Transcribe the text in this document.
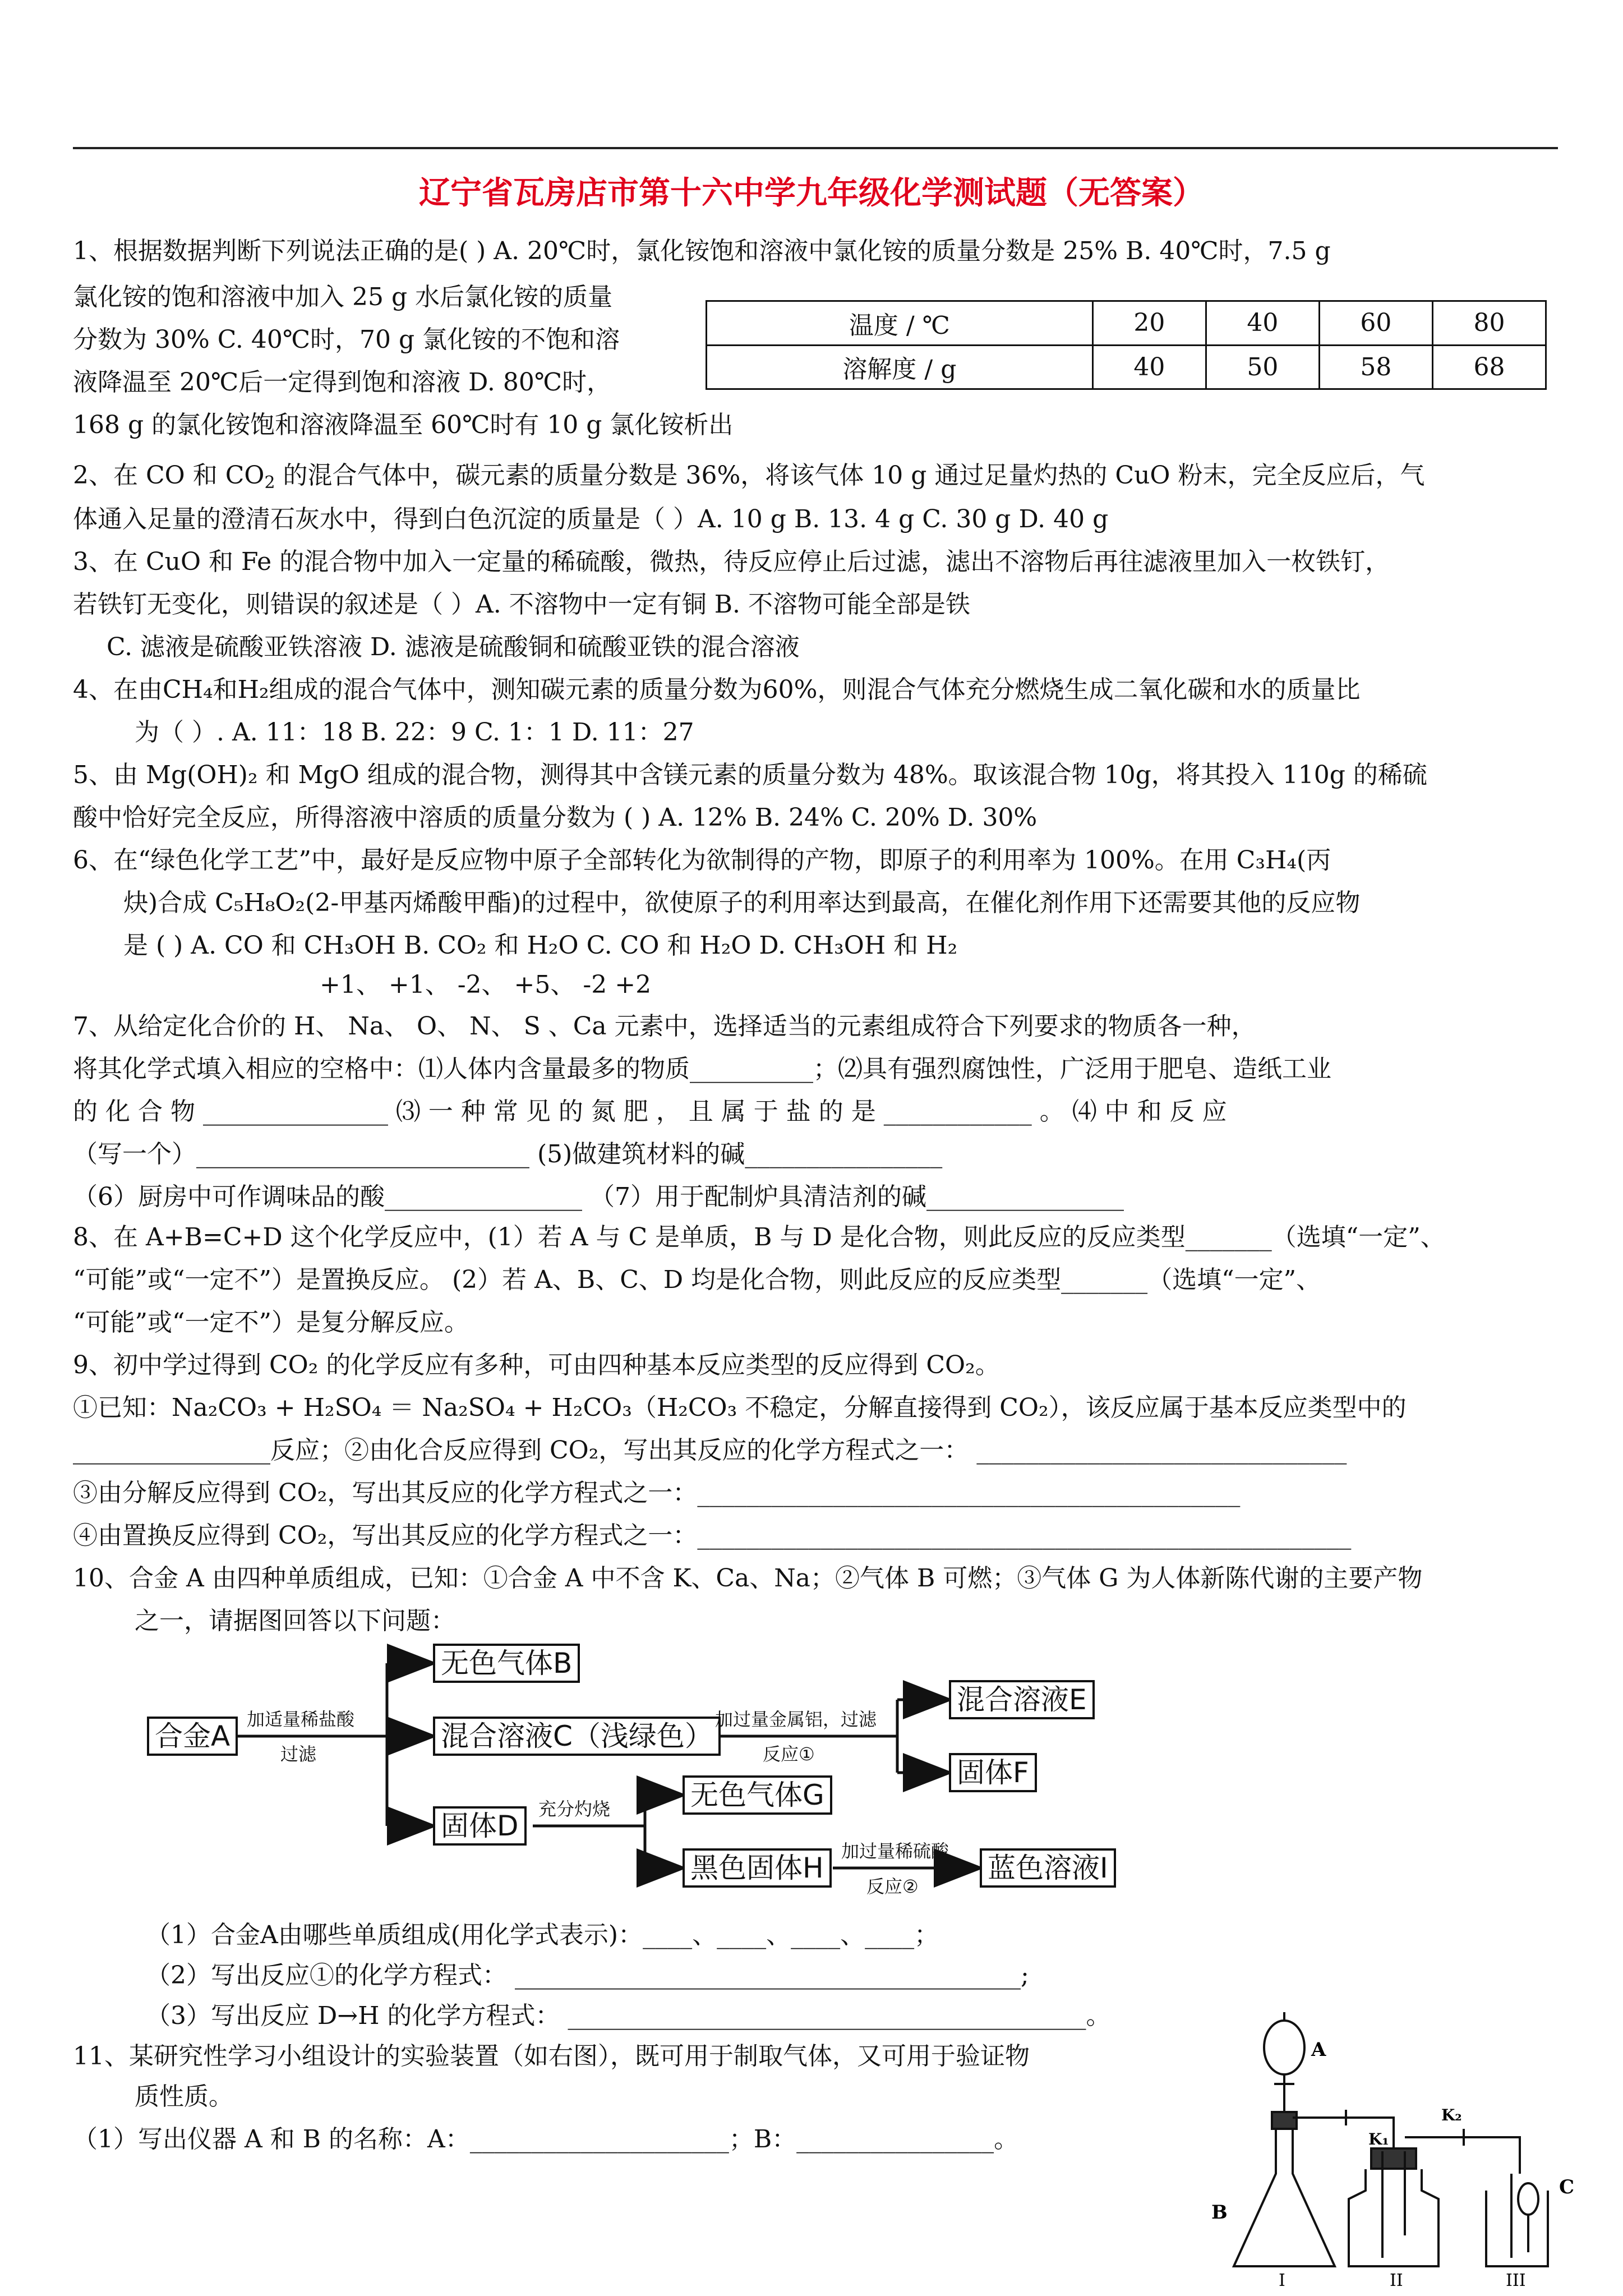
辽宁省瓦房店市第十六中学九年级化学测试题（无答案）
1、根据数据判断下列说法正确的是( ) A. 20℃时，氯化铵饱和溶液中氯化铵的质量分数是 25% B. 40℃时，7.5 g
氯化铵的饱和溶液中加入 25 g 水后氯化铵的质量
分数为 30% C. 40℃时，70 g 氯化铵的不饱和溶
液降温至 20℃后一定得到饱和溶液 D. 80℃时，
168 g 的氯化铵饱和溶液降温至 60℃时有 10 g 氯化铵析出
温度 / ℃	20	40	60	80
溶解度 / g	40	50	58	68
2、在 CO 和 $CO_2$ 的混合气体中，碳元素的质量分数是 36%，将该气体 10 g 通过足量灼热的 CuO 粉末，完全反应后，气
体通入足量的澄清石灰水中，得到白色沉淀的质量是（ ）A. 10 g B. 13. 4 g C. 30 g D. 40 g
3、在 CuO 和 Fe 的混合物中加入一定量的稀硫酸，微热，待反应停止后过滤，滤出不溶物后再往滤液里加入一枚铁钉，
若铁钉无变化，则错误的叙述是（ ）A. 不溶物中一定有铜 B. 不溶物可能全部是铁
C. 滤液是硫酸亚铁溶液 D. 滤液是硫酸铜和硫酸亚铁的混合溶液
4、在由CH₄和H₂组成的混合气体中，测知碳元素的质量分数为60%，则混合气体充分燃烧生成二氧化碳和水的质量比
为（ ）. A. 11：18 B. 22：9 C. 1：1 D. 11：27
5、由 Mg(OH)₂ 和 MgO 组成的混合物，测得其中含镁元素的质量分数为 48%。取该混合物 10g，将其投入 110g 的稀硫
酸中恰好完全反应，所得溶液中溶质的质量分数为 ( ) A. 12% B. 24% C. 20% D. 30%
6、在“绿色化学工艺”中，最好是反应物中原子全部转化为欲制得的产物，即原子的利用率为 100%。在用 C₃H₄(丙
炔)合成 C₅H₈O₂(2-甲基丙烯酸甲酯)的过程中，欲使原子的利用率达到最高，在催化剂作用下还需要其他的反应物
是 ( ) A. CO 和 CH₃OH B. CO₂ 和 H₂O C. CO 和 H₂O D. CH₃OH 和 H₂
+1、 +1、 -2、 +5、 -2 +2
7、从给定化合价的 H、 Na、 O、 N、 S 、Ca 元素中，选择适当的元素组成符合下列要求的物质各一种，
将其化学式填入相应的空格中：⑴人体内含量最多的物质__________；⑵具有强烈腐蚀性，广泛用于肥皂、造纸工业
的 化 合 物 _______________ ⑶ 一 种 常 见 的 氮 肥 ， 且 属 于 盐 的 是 ____________ 。 ⑷ 中 和 反 应
（写一个）___________________________ (5)做建筑材料的碱________________
（6）厨房中可作调味品的酸________________ （7）用于配制炉具清洁剂的碱________________
8、在 A+B=C+D 这个化学反应中，(1）若 A 与 C 是单质，B 与 D 是化合物，则此反应的反应类型_______（选填“一定”、
“可能”或“一定不”）是置换反应。 (2）若 A、B、C、D 均是化合物，则此反应的反应类型_______（选填“一定”、
“可能”或“一定不”）是复分解反应。
9、初中学过得到 CO₂ 的化学反应有多种，可由四种基本反应类型的反应得到 CO₂。
①已知：Na₂CO₃ + H₂SO₄ ＝ Na₂SO₄ + H₂CO₃（H₂CO₃ 不稳定，分解直接得到 CO₂），该反应属于基本反应类型中的
________________反应；②由化合反应得到 CO₂，写出其反应的化学方程式之一： ______________________________
③由分解反应得到 CO₂，写出其反应的化学方程式之一：____________________________________________
④由置换反应得到 CO₂，写出其反应的化学方程式之一：_____________________________________________________
10、合金 A 由四种单质组成，已知：①合金 A 中不含 K、Ca、Na；②气体 B 可燃；③气体 G 为人体新陈代谢的主要产物
之一，请据图回答以下问题：
合金A
加适量稀盐酸
过滤
无色气体B
混合溶液C（浅绿色）
加过量金属铝，过滤
反应①
混合溶液E
固体F
固体D
充分灼烧	无色气体G
黑色固体H
加过量稀硫酸
反应②
蓝色溶液I
（1）合金A由哪些单质组成(用化学式表示)：____、____、____、____；
（2）写出反应①的化学方程式： _________________________________________;
（3）写出反应 D→H 的化学方程式： __________________________________________。
11、某研究性学习小组设计的实验装置（如右图），既可用于制取气体，又可用于验证物
质性质。
（1）写出仪器 A 和 B 的名称：A：_____________________；B：________________。
A
B
C
K₂
K₁
I	II	III
